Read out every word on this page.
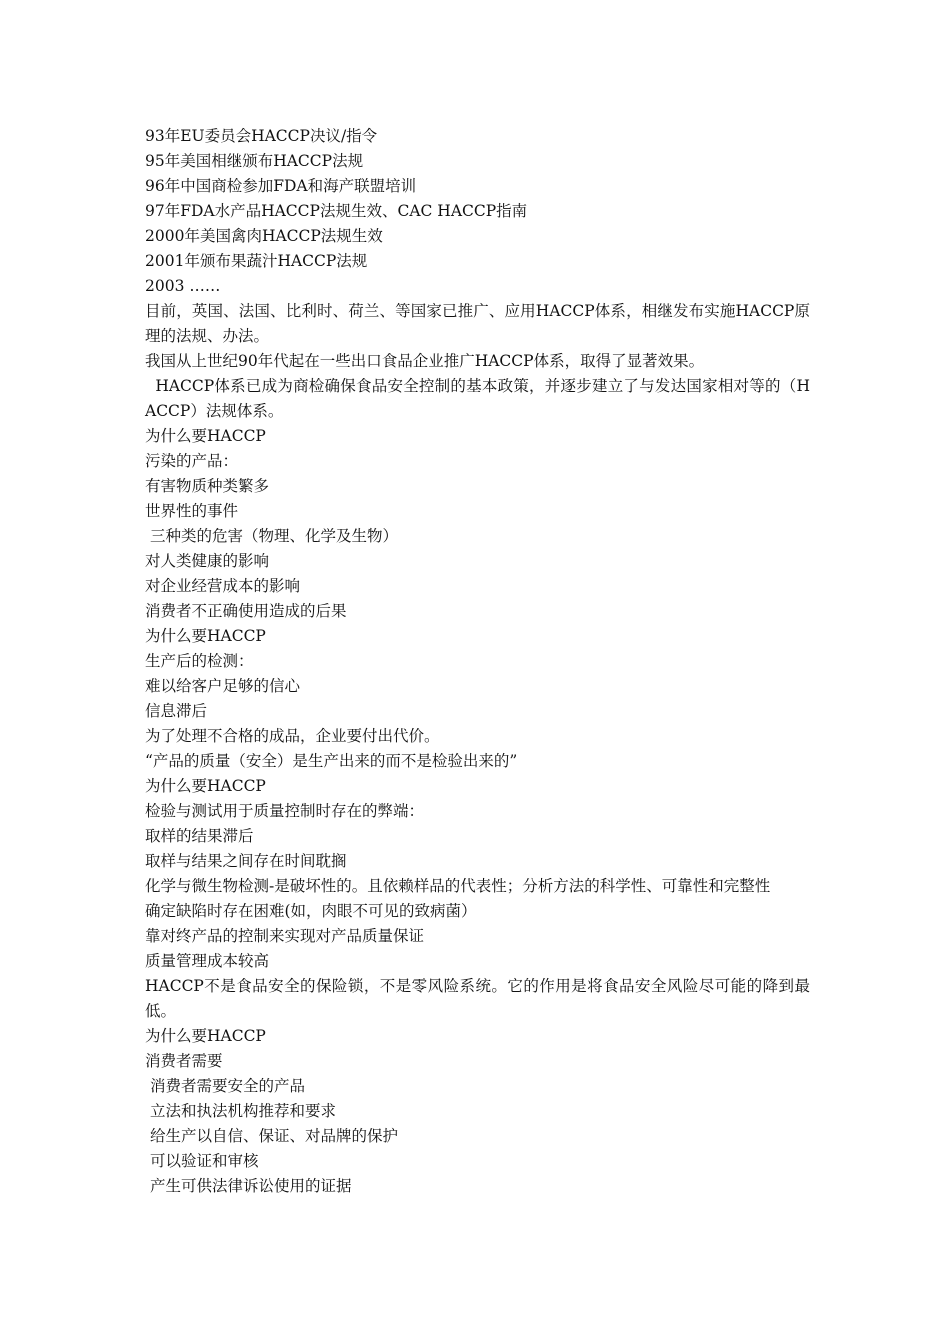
93年EU委员会HACCP决议/指令

95年美国相继颁布HACCP法规

96年中国商检参加FDA和海产联盟培训

97年FDA水产品HACCP法规生效、CAC HACCP指南

2000年美国禽肉HACCP法规生效

2001年颁布果蔬汁HACCP法规

2003 ……

目前，英国、法国、比利时、荷兰、等国家已推广、应用HACCP体系，相继发布实施HACCP原理的法规、办法。

我国从上世纪90年代起在一些出口食品企业推广HACCP体系，取得了显著效果。

HACCP体系已成为商检确保食品安全控制的基本政策，并逐步建立了与发达国家相对等的（HACCP）法规体系。

为什么要HACCP

污染的产品：

有害物质种类繁多

世界性的事件

三种类的危害（物理、化学及生物）

对人类健康的影响

对企业经营成本的影响

消费者不正确使用造成的后果

为什么要HACCP

生产后的检测：

难以给客户足够的信心

信息滞后

为了处理不合格的成品，企业要付出代价。

“产品的质量（安全）是生产出来的而不是检验出来的”

为什么要HACCP

检验与测试用于质量控制时存在的弊端：

取样的结果滞后

取样与结果之间存在时间耽搁

化学与微生物检测-是破坏性的。且依赖样品的代表性；分析方法的科学性、可靠性和完整性

确定缺陷时存在困难(如，肉眼不可见的致病菌）

靠对终产品的控制来实现对产品质量保证

质量管理成本较高

HACCP不是食品安全的保险锁，不是零风险系统。它的作用是将食品安全风险尽可能的降到最低。

为什么要HACCP

消费者需要

消费者需要安全的产品

立法和执法机构推荐和要求

给生产以自信、保证、对品牌的保护

可以验证和审核

产生可供法律诉讼使用的证据
